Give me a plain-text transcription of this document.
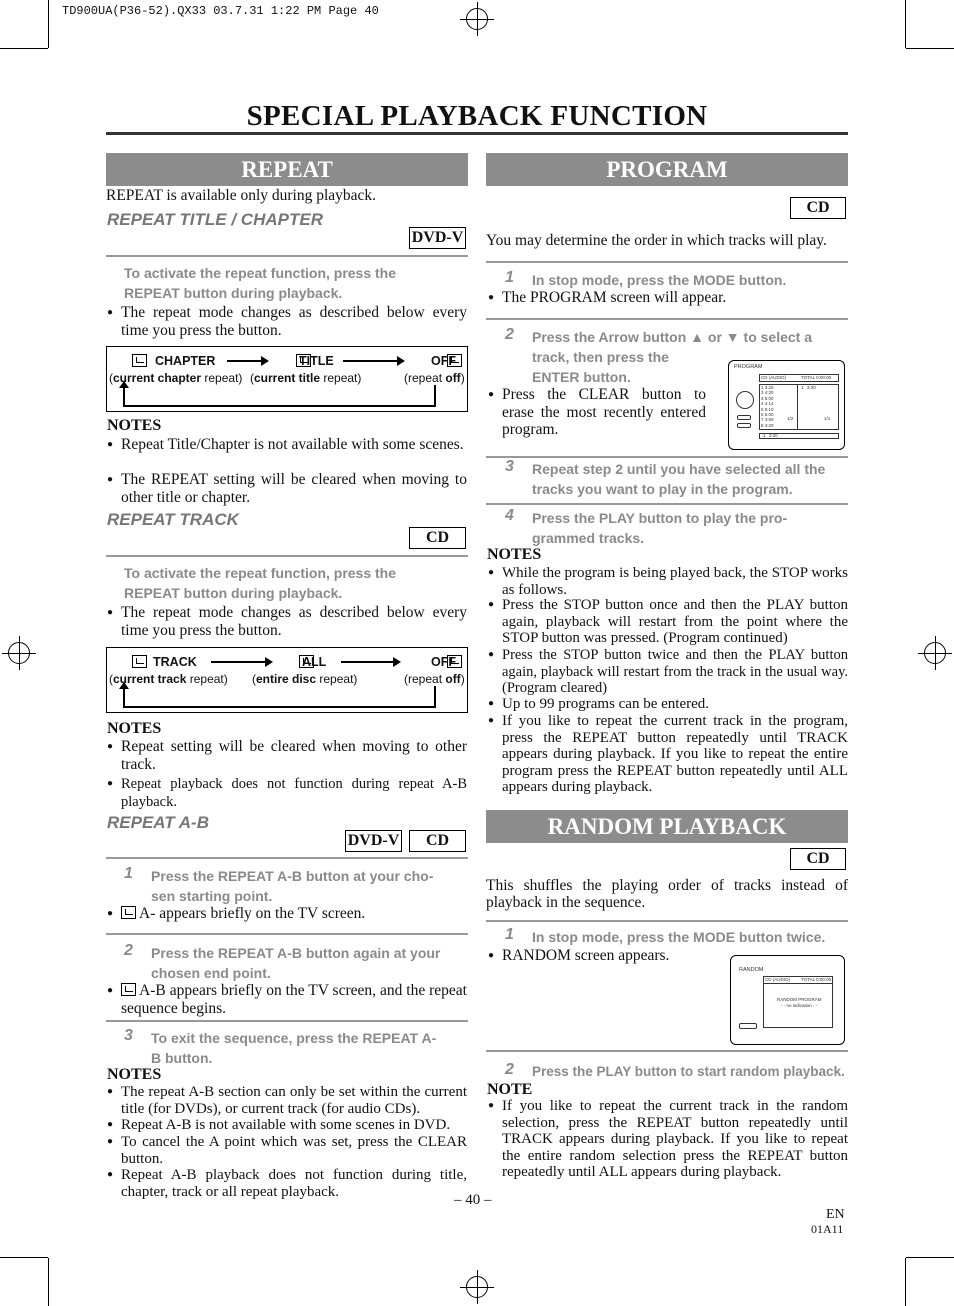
TD900UA(P36-52).QX33 03.7.31 1:22 PM Page 40
SPECIAL PLAYBACK FUNCTION
REPEAT
REPEAT is available only during playback.
REPEAT TITLE / CHAPTER
DVD-V
To activate the repeat function, press the
REPEAT button during playback.
● The repeat mode changes as described below every time you press the button.

CHAPTER
	TITLE	OFF
(current chapter repeat) (current title repeat)	(repeat off)
NOTES
● Repeat Title/Chapter is not available with some scenes.
● The REPEAT setting will be cleared when moving to other title or chapter.
REPEAT TRACK
CD
To activate the repeat function, press the
REPEAT button during playback.
● The repeat mode changes as described below every time you press the button.

TRACK
	ALL	OFF
(current track repeat) (entire disc repeat)	(repeat off)
NOTES
● Repeat setting will be cleared when moving to other track.
● Repeat playback does not function during repeat A-B playback.
REPEAT A-B
DVD-V	CD
1 Press the REPEAT A-B button at your cho-
sen starting point.
● A- appears briefly on the TV screen.
2 Press the REPEAT A-B button again at your
chosen end point.
● A-B appears briefly on the TV screen, and the repeat sequence begins.
3 To exit the sequence, press the REPEAT A-
B button.
NOTES
● The repeat A-B section can only be set within the current title (for DVDs), or current track (for audio CDs).
● Repeat A-B is not available with some scenes in DVD.
● To cancel the A point which was set, press the CLEAR button.
● Repeat A-B playback does not function during title, chapter, track or all repeat playback.
PROGRAM
CD
You may determine the order in which tracks will play.
1 In stop mode, press the MODE button.
● The PROGRAM screen will appear.
2 Press the Arrow button ▲ or ▼ to select a
track, then press the
ENTER button.
● Press the CLEAR button to erase the most recently entered program.
PROGRAM
CD (AUDIO)	TOTAL 0:00:00
1 3:20
2 4:20
3 5:00
4 4:14
5 5:10
6 5:00
7 4:50
8 4:20
1 3:20
1/2	1/1
1 3:20
3 Repeat step 2 until you have selected all the
tracks you want to play in the program.
4 Press the PLAY button to play the pro-
grammed tracks.
NOTES
● While the program is being played back, the STOP works as follows.
● Press the STOP button once and then the PLAY button again, playback will restart from the point where the STOP button was pressed. (Program continued)
● Press the STOP button twice and then the PLAY button again, playback will restart from the track in the usual way. (Program cleared)
● Up to 99 programs can be entered.
● If you like to repeat the current track in the program, press the REPEAT button repeatedly until TRACK appears during playback. If you like to repeat the entire program press the REPEAT button repeatedly until ALL appears during playback.
RANDOM PLAYBACK
CD
This shuffles the playing order of tracks instead of playback in the sequence.
1 In stop mode, press the MODE button twice.
● RANDOM screen appears.
RANDOM
CD (AUDIO) TOTAL 0:00:00
RANDOM PROGRAM
- - no indication - -
2 Press the PLAY button to start random playback.
NOTE
● If you like to repeat the current track in the random selection, press the REPEAT button repeatedly until TRACK appears during playback. If you like to repeat the entire random selection press the REPEAT button repeatedly until ALL appears during playback.
– 40 –
EN
01A11
